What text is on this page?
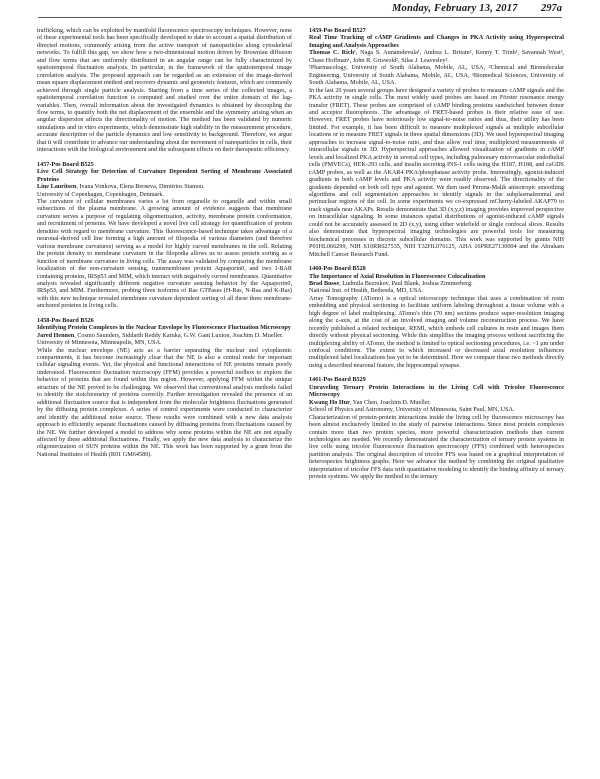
Monday, February 13, 2017 297a

trafficking, which can be exploited by manifold fluorescence spectroscopy techniques. However, none of these experimental tools has been specifically developed to date to account a spatial distribution of directed motions, commonly arising from the active transport of nanoparticles along cytoskeletal networks. To fulfill this gap, we show how a two-dimensional motion driven by Brownian diffusion and flow terms that are uniformly distributed in an angular range can be fully characterized by spatiotemporal fluctuation analysis. In particular, in the framework of the spatiotemporal image correlation analysis. The proposed approach can be regarded as an extension of the image-derived mean square displacement method and recovers dynamic and geometric features, which are commonly achieved through single particle analysis. Starting from a time series of the collected images, a spatiotemporal correlation function is computed and studied over the entire domain of the lag-variables. Then, overall information about the investigated dynamics is obtained by decoupling the flow terms, to quantify both the net displacement of the ensemble and the symmetry arising when an angular dispersion affects the directionality of motion. The method has been validated by numeric simulations and in vitro experiments, which demonstrate high stability in the measurement procedure, accurate description of the particle dynamics and low sensitivity to background. Therefore, we argue that it will contribute to advance our understanding about the movement of nanoparticles in cells, their interactions with the biological environment and the subsequent effects on their therapeutic efficiency.

1457-Pos Board B525

Live Cell Strategy for Detection of Curvature Dependent Sorting of Membrane Associated Proteins

Line Lauritsen, Ivana Vonkova, Elena Berneva, Dimitrios Stamou.

University of Copenhagen, Copenhagen, Denmark.

The curvature of cellular membranes varies a lot from organelle to organelle and within small subsections of the plasma membrane. A growing amount of evidence suggests that membrane curvature serves a purpose of regulating oligomerization, activity, membrane protein conformation, and recruitment of proteins. We have developed a novel live cell strategy for quantification of protein densities with regard to membrane curvature. This fluorescence-based technique takes advantage of a neuronal-derived cell line forming a high amount of filopodia of various diameters (and therefore various membrane curvatures) serving as a model for highly curved membranes in the cell. Relating the protein density to membrane curvature in the filopodia allows us to assess protein sorting as a function of membrane curvature in living cells. The assay was validated by comparing the membrane localization of the non-curvature sensing, transmembrane protein Aquaporin0, and two I-BAR containing proteins, IRSp53 and MIM, which interact with negatively curved membranes. Quantitative analysis revealed significantly different negative curvature sensing behavior by the Aquaporin0, IRSp53, and MIM. Furthermore, probing three isoforms of Ras GTPases (H-Ras, N-Ras and K-Ras) with this new technique revealed membrane curvature dependent sorting of all these three membrane-anchored proteins in living cells.

1458-Pos Board B526

Identifying Protein Complexes in the Nuclear Envelope by Fluorescence Fluctuation Microscopy

Jared Hennen, Cosmo Saunders, Siddarth Reddy Karuka, G.W. Gant Luxton, Joachim D. Mueller.

University of Minnesota, Minneapolis, MN, USA.

While the nuclear envelope (NE) acts as a barrier separating the nuclear and cytoplasmic compartments, it has become increasingly clear that the NE is also a central node for important cellular signaling events. Yet, the physical and functional interactions of NE proteins remain poorly understood. Fluorescence fluctuation microscopy (FFM) provides a powerful toolbox to explore the behavior of proteins that are found within this region. However, applying FFM within the unique structure of the NE proved to be challenging. We observed that conventional analysis methods failed to identify the stoichiometry of proteins correctly. Further investigation revealed the presence of an additional fluctuation source that is independent from the molecular brightness fluctuations generated by the diffusing protein complexes. A series of control experiments were conducted to characterize and identify the additional noise source. These results were combined with a new data analysis approach to efficiently separate fluctuations caused by diffusing proteins from fluctuations caused by the NE. We further developed a model to address why some proteins within the NE are not equally affected by these additional fluctuations. Finally, we apply the new data analysis to characterize the oligomerization of SUN proteins within the NE. This work has been supported by a grant from the National Institutes of Health (R01 GM64589).

1459-Pos Board B527

Real Time Tracking of cAMP Gradients and Changes in PKA Activity using Hyperspectral Imaging and Analysis Approaches

Thomas C. Rich¹, Naga S. Annamdevula¹, Andrea L. Britain¹, Kenny T. Trinh¹, Savannah West², Chase Hoffman¹, John R. Griswold², Silas J. Leavesley².

¹Pharmacology, University of South Alabama, Mobile, AL, USA, ²Chemical and Biomolecular Engineering, University of South Alabama, Mobile, AL, USA, ³Biomedical Sciences, University of South Alabama, Mobile, AL, USA.

In the last 20 years several groups have designed a variety of probes to measure cAMP signals and the PKA activity in single cells. The most widely used probes are based on Förster resonance energy transfer (FRET). These probes are comprised of cAMP binding proteins sandwiched between donor and acceptor fluorophores. The advantage of FRET-based probes is their relative ease of use. However, FRET probes have notoriously low signal-to-noise ratios and thus, their utility has been limited. For example, it has been difficult to measure multiplexed signals at multiple subcellular locations or to measure FRET signals in three spatial dimensions (3D). We used hyperspectral imaging approaches to increase signal-to-noise ratio, and thus allow real time, multiplexed measurements of intracellular signals in 3D. Hyperspectral approaches allowed visualization of gradients in cAMP levels and localized PKA activity in several cell types, including pulmonary microvascular endothelial cells (PMVECs), HEK-293 cells, and insulin secreting INS-1 cells using the H187, H188, and caGDS cAMP probes, as well as the AKAR4 PKA/phosphatase activity probe. Interestingly, agonist-induced gradients in both cAMP levels and PKA activity were readily observed. The directionality of the gradients depended on both cell type and agonist. We then used Perona-Malik anisotropic smoothing algorithms and cell segmentation approaches to identify signals in the subplasmalemmal and perinuclear regions of the cell. In some experiments we co-expressed mCherry-labeled AKAP79 to track signals near AKAPs. Results demonstrate that 3D (x,y,z) imaging provides improved perspective on intracellular signaling. In some instances spatial distributions of agonist-induced cAMP signals could not be accurately assessed in 2D (x,y), using either widefield or single confocal slices. Results also demonstrate that hyperspectral imaging technologies are powerful tools for measuring biochemical processes in discrete subcellular domains. This work was supported by grants NIH P01HL066299, NIH S10RR027535, NIH T32HL076125, AHA 16PRE27130004 and the Abraham Mitchell Cancer Research Fund.

1460-Pos Board B528

The Importance of Axial Resolution in Fluorescence Colocalization

Brad Busse, Ludmila Bezrukov, Paul Blank, Joshua Zimmerberg.

National Inst. of Health, Bethesda, MD, USA.

Array Tomography (ATomo) is a optical microscopy technique that uses a combination of resin embedding and physical sectioning to facilitate uniform labeling throughout a tissue volume with a high degree of label multiplexing. ATomo's thin (70 nm) sections produce super-resolution imaging along the z-axis, at the cost of an involved imaging and volume reconstruction process. We have recently published a related technique, REMI, which embeds cell cultures in resin and images them directly without physical sectioning. While this simplifies the imaging process without sacrificing the multiplexing ability of ATomo, the method is limited to optical sectioning procedures, i.e. ~1 μm under confocal conditions. The extent to which increased or decreased axial resolution influences multiplexed label localizations has yet to be determined. Here we compare these two methods directly using a described neuronal feature, the hippocampal synapse.

1461-Pos Board B529

Unraveling Ternary Protein Interactions in the Living Cell with Tricolor Fluorescence Microscopy

Kwang Ho Hur, Yan Chen, Joachim D. Mueller.

School of Physics and Astronomy, University of Minnesota, Saint Paul, MN, USA.

Characterization of protein-protein interactions inside the living cell by fluorescence microscopy has been almost exclusively limited to the study of pairwise interactions. Since most protein complexes contain more than two protein species, more powerful characterization methods than current technologies are needed. We recently demonstrated the characterization of ternary protein systems in live cells using tricolor fluorescence fluctuation spectroscopy (FFS) combined with heterospecies partition analysis. The original description of tricolor FFS was based on a graphical interpretation of heterospecies brightness graphs. Here we advance the method by combining the original qualitative interpretation of tricolor FFS data with quantitative modeling to identify the binding affinity of ternary protein systems. We apply the method to the ternary
